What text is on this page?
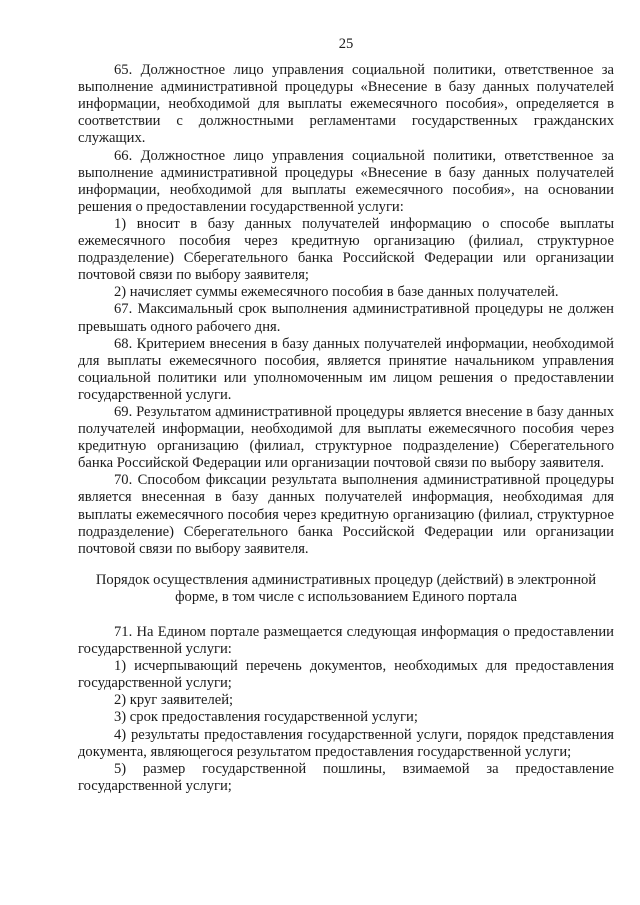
25

65. Должностное лицо управления социальной политики, ответственное за выполнение административной процедуры «Внесение в базу данных получателей информации, необходимой для выплаты ежемесячного пособия», определяется в соответствии с должностными регламентами государственных гражданских служащих.

66. Должностное лицо управления социальной политики, ответственное за выполнение административной процедуры «Внесение в базу данных получателей информации, необходимой для выплаты ежемесячного пособия», на основании решения о предоставлении государственной услуги:

1) вносит в базу данных получателей информацию о способе выплаты ежемесячного пособия через кредитную организацию (филиал, структурное подразделение) Сберегательного банка Российской Федерации или организации почтовой связи по выбору заявителя;

2) начисляет суммы ежемесячного пособия в базе данных получателей.

67. Максимальный срок выполнения административной процедуры не должен превышать одного рабочего дня.

68. Критерием внесения в базу данных получателей информации, необходимой для выплаты ежемесячного пособия, является принятие начальником управления социальной политики или уполномоченным им лицом решения о предоставлении государственной услуги.

69. Результатом административной процедуры является внесение в базу данных получателей информации, необходимой для выплаты ежемесячного пособия через кредитную организацию (филиал, структурное подразделение) Сберегательного банка Российской Федерации или организации почтовой связи по выбору заявителя.

70. Способом фиксации результата выполнения административной процедуры является внесенная в базу данных получателей информация, необходимая для выплаты ежемесячного пособия через кредитную организацию (филиал, структурное подразделение) Сберегательного банка Российской Федерации или организации почтовой связи по выбору заявителя.

Порядок осуществления административных процедур (действий) в электронной форме, в том числе с использованием Единого портала

71. На Едином портале размещается следующая информация о предоставлении государственной услуги:

1) исчерпывающий перечень документов, необходимых для предоставления государственной услуги;

2) круг заявителей;

3) срок предоставления государственной услуги;

4) результаты предоставления государственной услуги, порядок представления документа, являющегося результатом предоставления государственной услуги;

5) размер государственной пошлины, взимаемой за предоставление государственной услуги;
